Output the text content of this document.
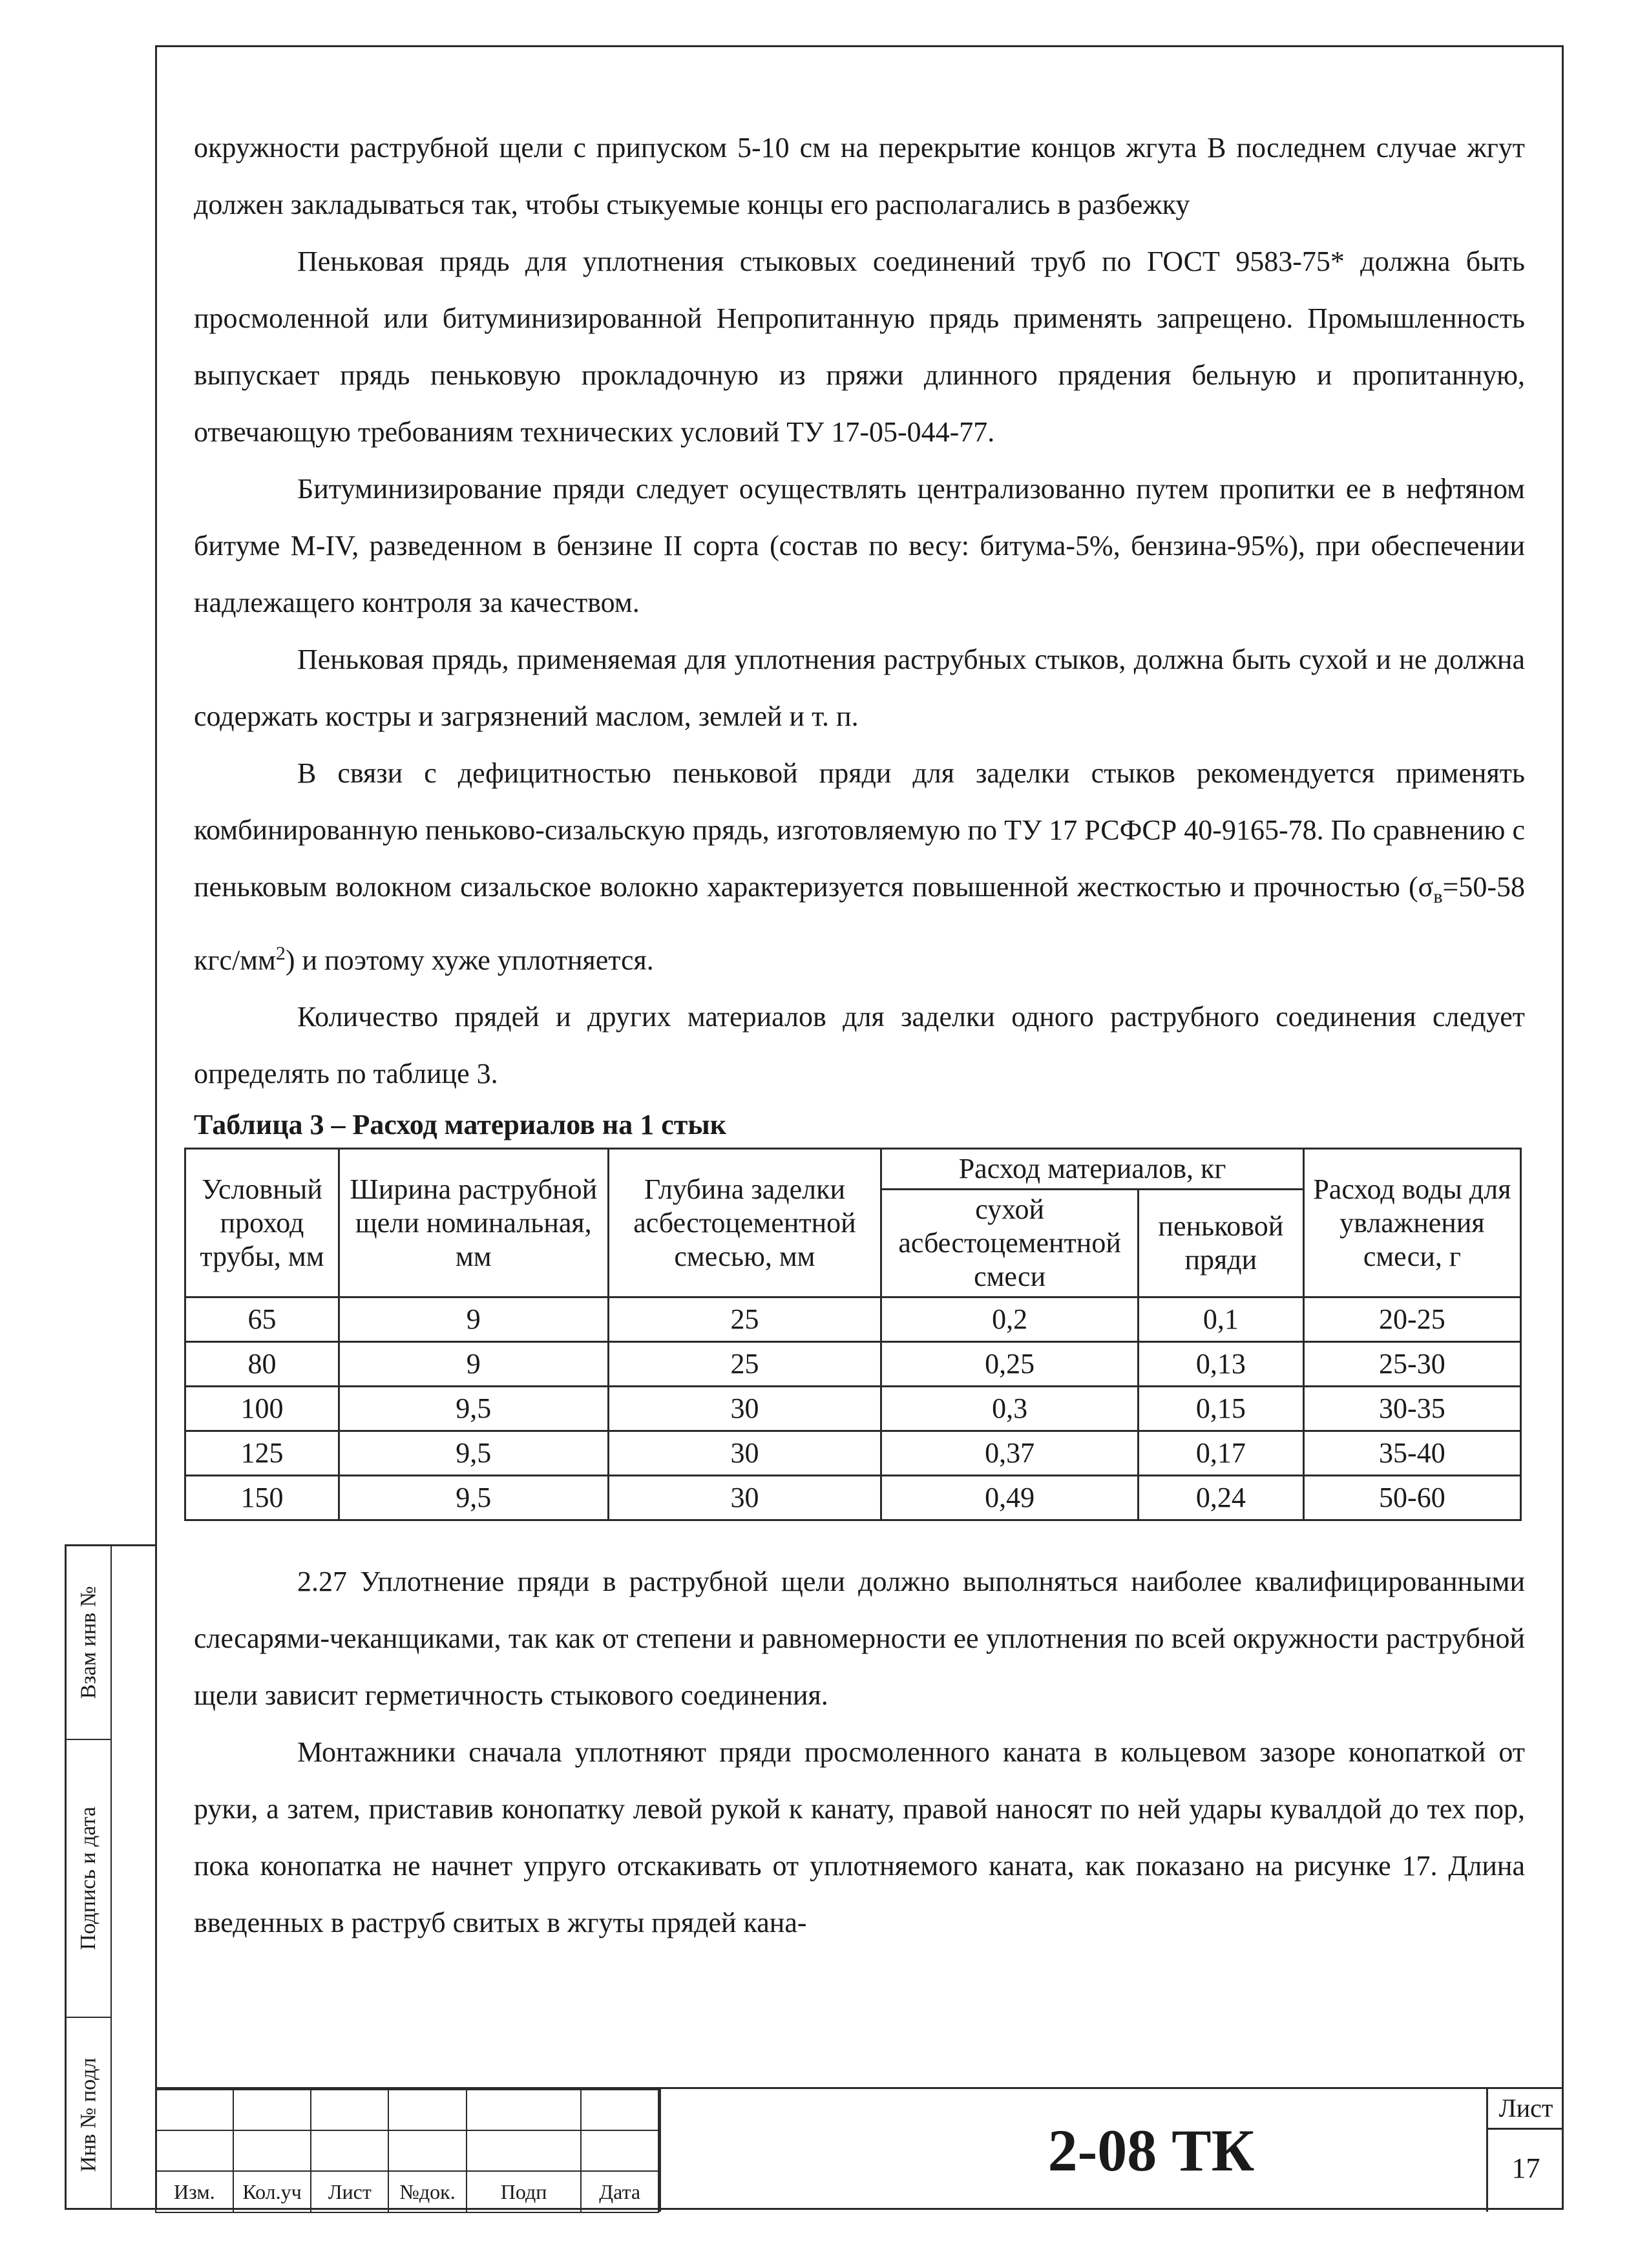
Взам инв №
Подпись и дата
Инв № подл

окружности раструбной щели с припуском 5-10 см на перекрытие концов жгута В последнем случае жгут должен закладываться так, чтобы стыкуемые концы его располагались в разбежку

Пеньковая прядь для уплотнения стыковых соединений труб по ГОСТ 9583-75* должна быть просмоленной или битуминизированной Непропитанную прядь применять запрещено. Промышленность выпускает прядь пеньковую прокладочную из пряжи длинного прядения бельную и пропитанную, отвечающую требованиям технических условий ТУ 17-05-044-77.

Битуминизирование пряди следует осуществлять централизованно путем пропитки ее в нефтяном битуме М-IV, разведенном в бензине II сорта (состав по весу: битума-5%, бензина-95%), при обеспечении надлежащего контроля за качеством.

Пеньковая прядь, применяемая для уплотнения раструбных стыков, должна быть сухой и не должна содержать костры и загрязнений маслом, землей и т. п.

В связи с дефицитностью пеньковой пряди для заделки стыков рекомендуется применять комбинированную пеньково-сизальскую прядь, изготовляемую по ТУ 17 РСФСР 40-9165-78. По сравнению с пеньковым волокном сизальское волокно характеризуется повышенной жесткостью и прочностью ($\sigma_в=50-58$ кгс/$мм^2$) и поэтому хуже уплотняется.

Количество прядей и других материалов для заделки одного раструбного соединения следует определять по таблице 3.

Таблица 3 – Расход материалов на 1 стык

Условный проход трубы, мм	Ширина раструбной щели номинальная, мм	Глубина заделки асбестоцементной смесью, мм	Расход материалов, кг		Расход воды для увлажнения смеси, г
			сухой асбестоцементной смеси	пеньковой пряди	
65	9	25	0,2	0,1	20-25
80	9	25	0,25	0,13	25-30
100	9,5	30	0,3	0,15	30-35
125	9,5	30	0,37	0,17	35-40
150	9,5	30	0,49	0,24	50-60

2.27 Уплотнение пряди в раструбной щели должно выполняться наиболее квалифицированными слесарями-чеканщиками, так как от степени и равномерности ее уплотнения по всей окружности раструбной щели зависит герметичность стыкового соединения.

Монтажники сначала уплотняют пряди просмоленного каната в кольцевом зазоре конопаткой от руки, а затем, приставив конопатку левой рукой к канату, правой наносят по ней удары кувалдой до тех пор, пока конопатка не начнет упруго отскакивать от уплотняемого каната, как показано на рисунке 17. Длина введенных в раструб свитых в жгуты прядей кана-

Изм.	Кол.уч	Лист	№док.	Подп	Дата
2-08 ТК
Лист
17
